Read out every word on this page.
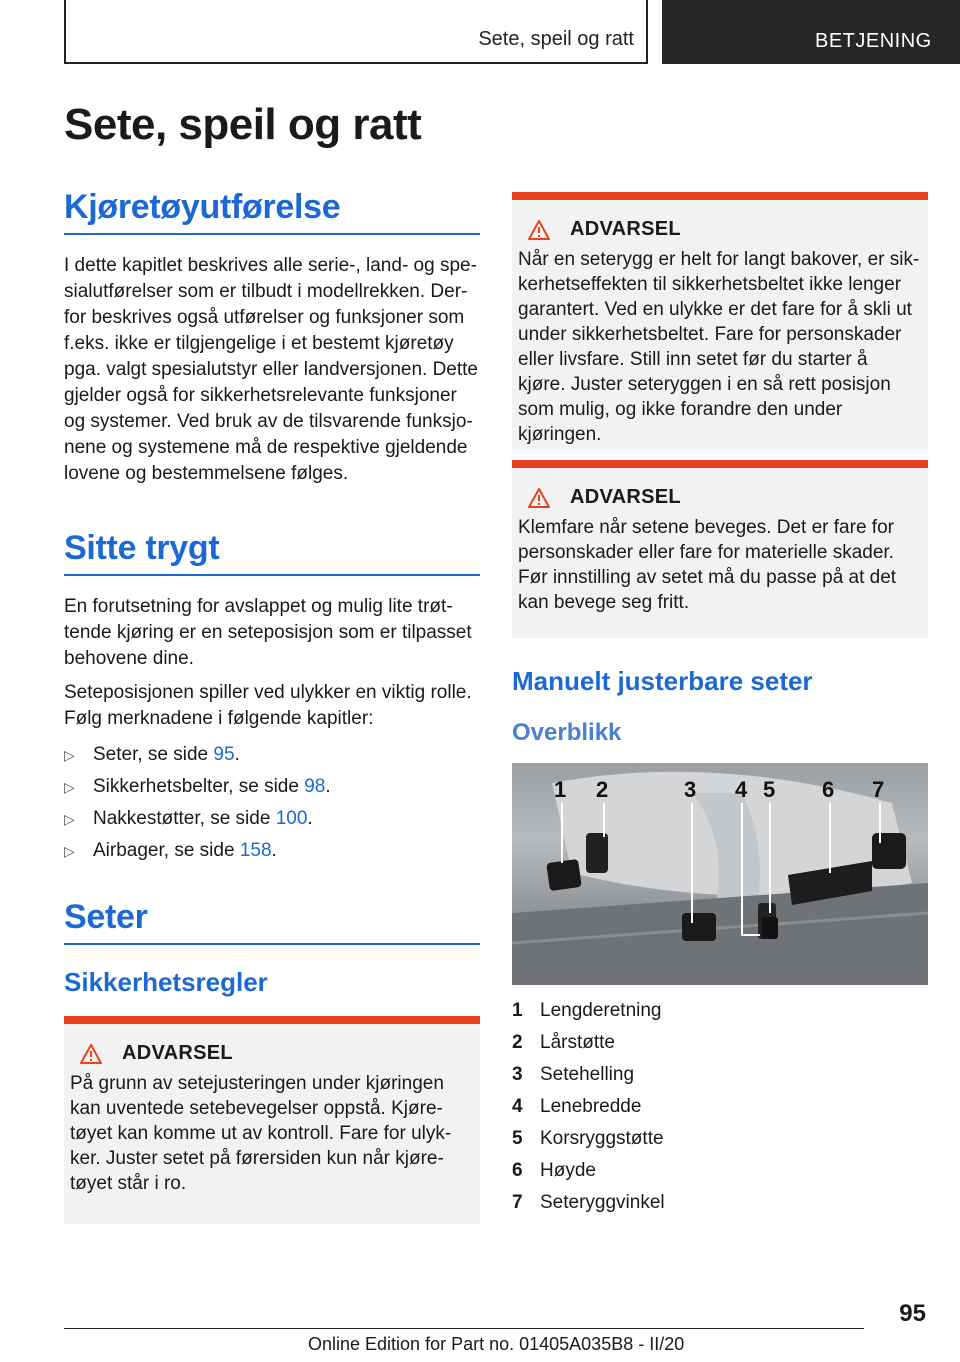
Sete, speil og ratt	BETJENING
Sete, speil og ratt
Kjøretøyutførelse

I dette kapitlet beskrives alle serie-, land- og spesialutførelser som er tilbudt i modellrekken. Derfor beskrives også utførelser og funksjoner som f.eks. ikke er tilgjengelige i et bestemt kjøretøy pga. valgt spesialutstyr eller landversjonen. Dette gjelder også for sikkerhetsrelevante funksjoner og systemer. Ved bruk av de tilsvarende funksjonene og systemene må de respektive gjeldende lovene og bestemmelsene følges.

Sitte trygt

En forutsetning for avslappet og mulig lite trøttende kjøring er en seteposisjon som er tilpasset behovene dine.

Seteposisjonen spiller ved ulykker en viktig rolle. Følg merknadene i følgende kapitler:

▷ Seter, se side 95.
▷ Sikkerhetsbelter, se side 98.
▷ Nakkestøtter, se side 100.
▷ Airbager, se side 158.
Seter
Sikkerhetsregler
ADVARSEL

På grunn av setejusteringen under kjøringen kan uventede setebevegelser oppstå. Kjøretøyet kan komme ut av kontroll. Fare for ulykker. Juster setet på førersiden kun når kjøretøyet står i ro.

ADVARSEL

Når en seterygg er helt for langt bakover, er sikkerhetseffekten til sikkerhetsbeltet ikke lenger garantert. Ved en ulykke er det fare for å skli ut under sikkerhetsbeltet. Fare for personskader eller livsfare. Still inn setet før du starter å kjøre. Juster seteryggen i en så rett posisjon som mulig, og ikke forandre den under kjøringen.

ADVARSEL

Klemfare når setene beveges. Det er fare for personskader eller fare for materielle skader. Før innstilling av setet må du passe på at det kan bevege seg fritt.

Manuelt justerbare seter
Overblikk
1 2	3 4 5 6 7
1 Lengderetning
2 Lårstøtte
3 Setehelling
4 Lenebredde
5 Korsryggstøtte
6 Høyde
7 Seteryggvinkel
95
Online Edition for Part no. 01405A035B8 - II/20
